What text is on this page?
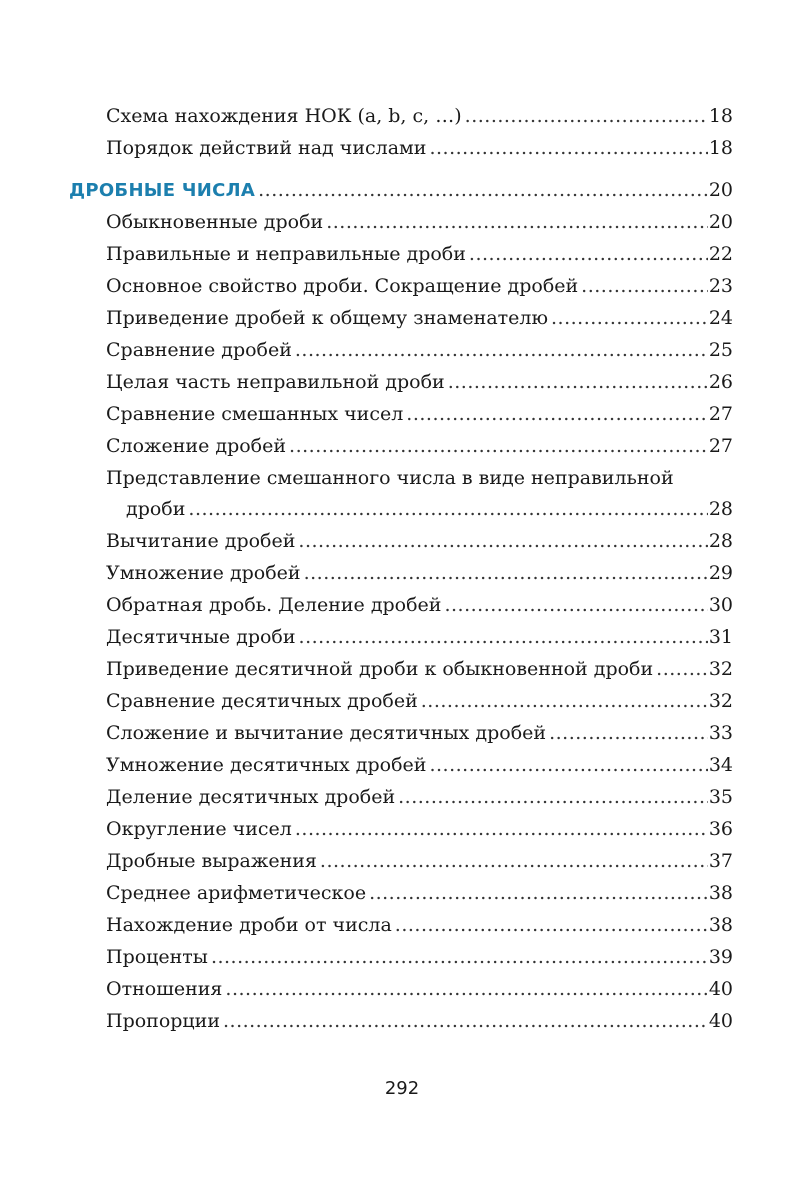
Схема нахождения НОК (a, b, c, …) .....	18
Порядок действий над числами .....	18
ДРОБНЫЕ ЧИСЛА .....	20
Обыкновенные дроби .....	20
Правильные и неправильные дроби .....	22
Основное свойство дроби. Сокращение дробей .....	23
Приведение дробей к общему знаменателю .....	24
Сравнение дробей .....	25
Целая часть неправильной дроби .....	26
Сравнение смешанных чисел .....	27
Сложение дробей .....	27
Представление смешанного числа в виде неправильной
дроби .....	28
Вычитание дробей .....	28
Умножение дробей .....	29
Обратная дробь. Деление дробей .....	30
Десятичные дроби .....	31
Приведение десятичной дроби к обыкновенной дроби .....	32
Сравнение десятичных дробей .....	32
Сложение и вычитание десятичных дробей .....	33
Умножение десятичных дробей .....	34
Деление десятичных дробей .....	35
Округление чисел .....	36
Дробные выражения .....	37
Среднее арифметическое .....	38
Нахождение дроби от числа .....	38
Проценты .....	39
Отношения .....	40
Пропорции .....	40
292
